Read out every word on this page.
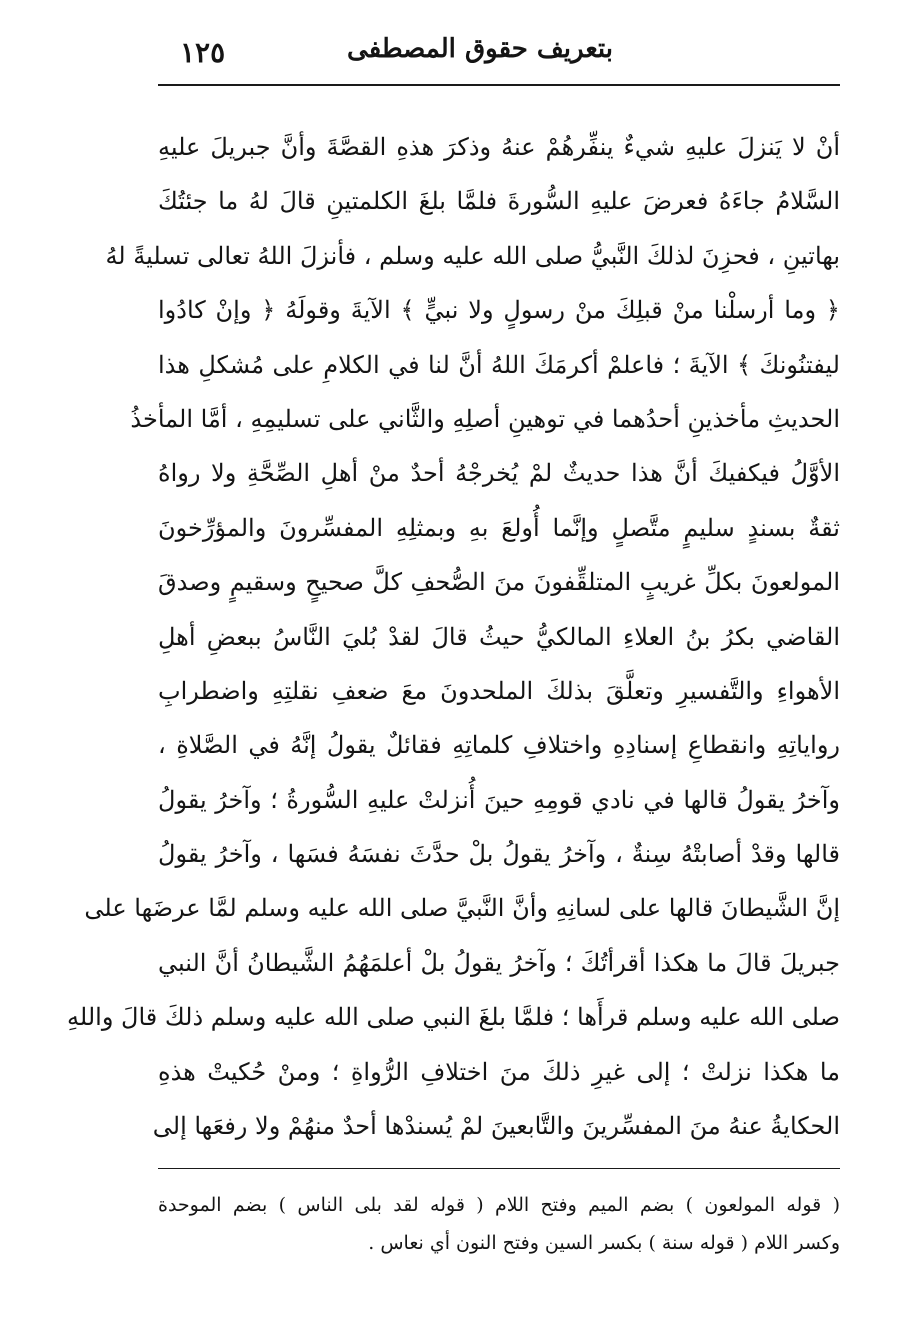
بتعريف حقوق المصطفى
١٢٥
أنْ لا يَنزلَ عليهِ شيءٌ ينفِّرهُمْ عنهُ وذكرَ هذهِ القصَّةَ وأنَّ جبريلَ عليهِ
السَّلامُ جاءَهُ فعرضَ عليهِ السُّورةَ فلمَّا بلغَ الكلمتينِ قالَ لهُ ما جئتُكَ
بهاتينِ ، فحزِنَ لذلكَ النَّبيُّ صلى الله عليه وسلم ، فأنزلَ اللهُ تعالى تسليةً لهُ
﴿ وما أرسلْنا منْ قبلِكَ منْ رسولٍ ولا نبيٍّ ﴾ الآيةَ وقولَهُ ﴿ وإنْ كادُوا
ليفتنُونكَ ﴾ الآيةَ ؛ فاعلمْ أكرمَكَ اللهُ أنَّ لنا في الكلامِ على مُشكلِ هذا
الحديثِ مأخذينِ أحدُهما في توهينِ أصلِهِ والثَّاني على تسليمِهِ ، أمَّا المأخذُ
الأوَّلُ فيكفيكَ أنَّ هذا حديثٌ لمْ يُخرجْهُ أحدٌ منْ أهلِ الصِّحَّةِ ولا رواهُ
ثقةٌ بسندٍ سليمٍ متَّصلٍ وإنَّما أُولعَ بهِ وبمثلِهِ المفسِّرونَ والمؤرِّخونَ
المولعونَ بكلِّ غريبٍ المتلقِّفونَ منَ الصُّحفِ كلَّ صحيحٍ وسقيمٍ وصدقَ
القاضي بكرُ بنُ العلاءِ المالكيُّ حيثُ قالَ لقدْ بُليَ النَّاسُ ببعضِ أهلِ
الأهواءِ والتَّفسيرِ وتعلَّقَ بذلكَ الملحدونَ معَ ضعفِ نقلتِهِ واضطرابِ
رواياتِهِ وانقطاعِ إسنادِهِ واختلافِ كلماتِهِ فقائلٌ يقولُ إنَّهُ في الصَّلاةِ ،
وآخرُ يقولُ قالها في نادي قومِهِ حينَ أُنزلتْ عليهِ السُّورةُ ؛ وآخرُ يقولُ
قالها وقدْ أصابتْهُ سِنةٌ ، وآخرُ يقولُ بلْ حدَّثَ نفسَهُ فسَها ، وآخرُ يقولُ
إنَّ الشَّيطانَ قالها على لسانِهِ وأنَّ النَّبيَّ صلى الله عليه وسلم لمَّا عرضَها على
جبريلَ قالَ ما هكذا أقرأتُكَ ؛ وآخرُ يقولُ بلْ أعلمَهُمُ الشَّيطانُ أنَّ النبي
صلى الله عليه وسلم قرأَها ؛ فلمَّا بلغَ النبي صلى الله عليه وسلم ذلكَ قالَ واللهِ
ما هكذا نزلتْ ؛ إلى غيرِ ذلكَ منَ اختلافِ الرُّواةِ ؛ ومنْ حُكيتْ هذهِ
الحكايةُ عنهُ منَ المفسِّرينَ والتَّابعينَ لمْ يُسندْها أحدٌ منهُمْ ولا رفعَها إلى
( قوله المولعون ) بضم الميم وفتح اللام ( قوله لقد بلى الناس ) بضم الموحدة
وكسر اللام ( قوله سنة ) بكسر السين وفتح النون أي نعاس .
